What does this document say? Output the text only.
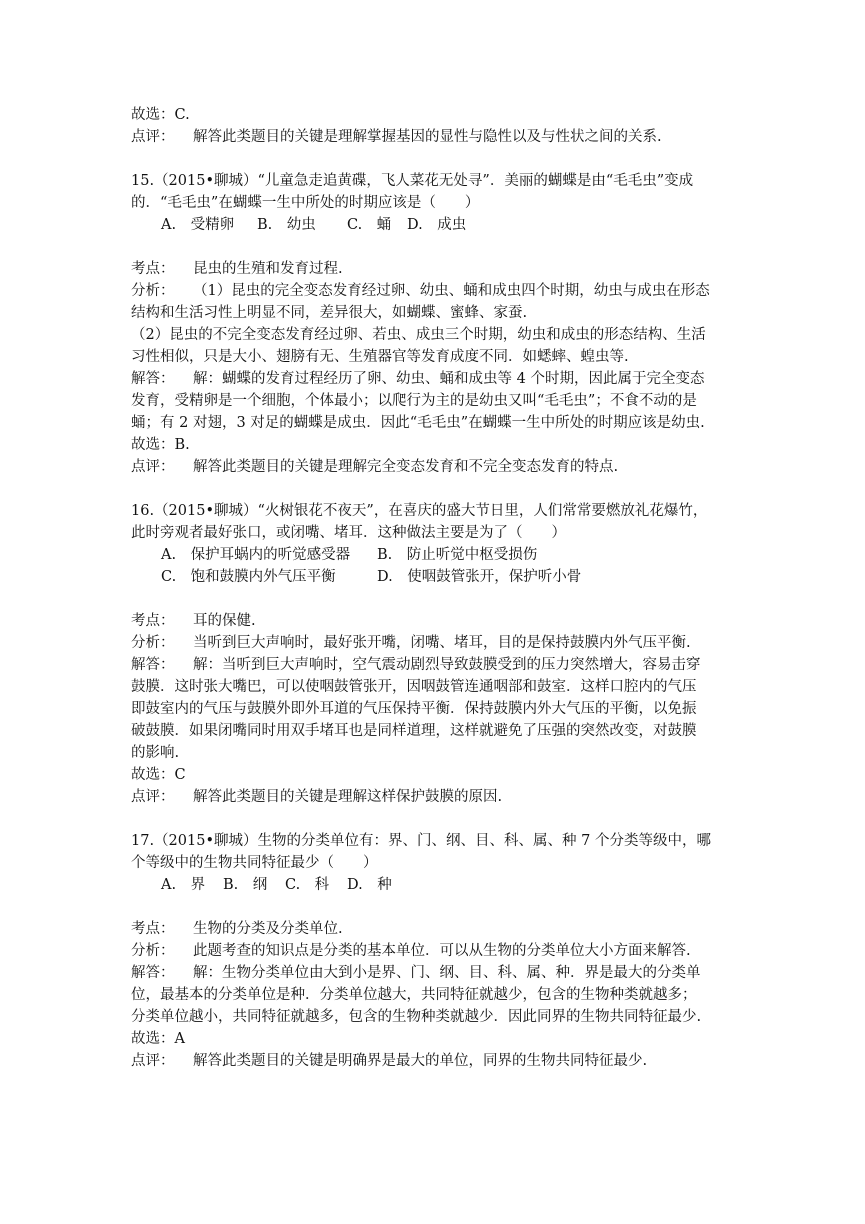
故选：C.
点评： 解答此类题目的关键是理解掌握基因的显性与隐性以及与性状之间的关系.
15.（2015•聊城）“儿童急走追黄碟，飞人菜花无处寻”．美丽的蝴蝶是由“毛毛虫”变成
的．“毛毛虫”在蝴蝶一生中所处的时期应该是（　　）
A.　受精卵 B.　幼虫 C.　蛹 D.　成虫
考点： 昆虫的生殖和发育过程.
分析： （1）昆虫的完全变态发育经过卵、幼虫、蛹和成虫四个时期，幼虫与成虫在形态
结构和生活习性上明显不同，差异很大，如蝴蝶、蜜蜂、家蚕.
（2）昆虫的不完全变态发育经过卵、若虫、成虫三个时期，幼虫和成虫的形态结构、生活
习性相似，只是大小、翅膀有无、生殖器官等发育成度不同．如蟋蟀、蝗虫等.
解答： 解：蝴蝶的发育过程经历了卵、幼虫、蛹和成虫等 4 个时期，因此属于完全变态
发育，受精卵是一个细胞，个体最小；以爬行为主的是幼虫又叫“毛毛虫”；不食不动的是
蛹；有 2 对翅，3 对足的蝴蝶是成虫．因此“毛毛虫”在蝴蝶一生中所处的时期应该是幼虫.
故选：B.
点评： 解答此类题目的关键是理解完全变态发育和不完全变态发育的特点.
16.（2015•聊城）“火树银花不夜天”，在喜庆的盛大节日里，人们常常要燃放礼花爆竹，
此时旁观者最好张口，或闭嘴、堵耳．这种做法主要是为了（　　）
A.　保护耳蜗内的听觉感受器 B.　防止听觉中枢受损伤
C.　饱和鼓膜内外气压平衡	D.　使咽鼓管张开，保护听小骨
考点： 耳的保健.
分析： 当听到巨大声响时，最好张开嘴，闭嘴、堵耳，目的是保持鼓膜内外气压平衡.
解答： 解：当听到巨大声响时，空气震动剧烈导致鼓膜受到的压力突然增大，容易击穿
鼓膜．这时张大嘴巴，可以使咽鼓管张开，因咽鼓管连通咽部和鼓室．这样口腔内的气压
即鼓室内的气压与鼓膜外即外耳道的气压保持平衡．保持鼓膜内外大气压的平衡，以免振
破鼓膜．如果闭嘴同时用双手堵耳也是同样道理，这样就避免了压强的突然改变，对鼓膜
的影响.
故选：C
点评： 解答此类题目的关键是理解这样保护鼓膜的原因.
17.（2015•聊城）生物的分类单位有：界、门、纲、目、科、属、种 7 个分类等级中，哪
个等级中的生物共同特征最少（　　）
A.　界 B.　纲 C.　科 D.　种
考点： 生物的分类及分类单位.
分析： 此题考查的知识点是分类的基本单位．可以从生物的分类单位大小方面来解答.
解答： 解：生物分类单位由大到小是界、门、纲、目、科、属、种．界是最大的分类单
位，最基本的分类单位是种．分类单位越大，共同特征就越少，包含的生物种类就越多；
分类单位越小，共同特征就越多，包含的生物种类就越少．因此同界的生物共同特征最少.
故选：A
点评： 解答此类题目的关键是明确界是最大的单位，同界的生物共同特征最少.
